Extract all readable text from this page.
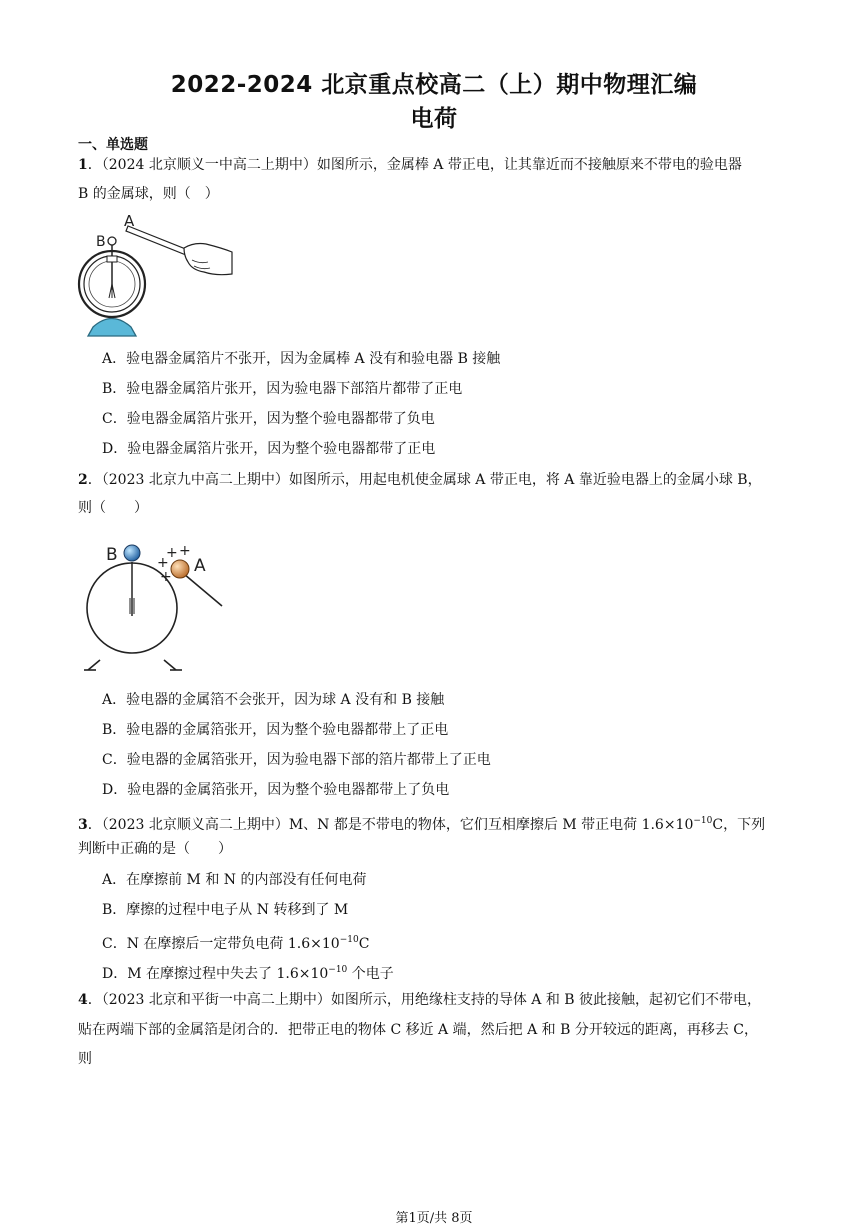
2022-2024 北京重点校高二（上）期中物理汇编
电荷
一、单选题
1．（2024 北京顺义一中高二上期中）如图所示，金属棒 A 带正电，让其靠近而不接触原来不带电的验电器
B 的金属球，则（　）
A
B
A．验电器金属箔片不张开，因为金属棒 A 没有和验电器 B 接触
B．验电器金属箔片张开，因为验电器下部箔片都带了正电
C．验电器金属箔片张开，因为整个验电器都带了负电
D．验电器金属箔片张开，因为整个验电器都带了正电
2．（2023 北京九中高二上期中）如图所示，用起电机使金属球 A 带正电，将 A 靠近验电器上的金属小球 B，
则（　　）
B
A
+ +
+
+
A．验电器的金属箔不会张开，因为球 A 没有和 B 接触
B．验电器的金属箔张开，因为整个验电器都带上了正电
C．验电器的金属箔张开，因为验电器下部的箔片都带上了正电
D．验电器的金属箔张开，因为整个验电器都带上了负电
3．（2023 北京顺义高二上期中）M、N 都是不带电的物体，它们互相摩擦后 M 带正电荷 $1.6\times 10^{-10}C$，下列
判断中正确的是（　　）
A．在摩擦前 M 和 N 的内部没有任何电荷
B．摩擦的过程中电子从 N 转移到了 M
C．N 在摩擦后一定带负电荷 $1.6\times 10^{-10}C$
D．M 在摩擦过程中失去了 $1.6\times 10^{-10}$ 个电子
4．（2023 北京和平街一中高二上期中）如图所示，用绝缘柱支持的导体 A 和 B 彼此接触，起初它们不带电，
贴在两端下部的金属箔是闭合的．把带正电的物体 C 移近 A 端，然后把 A 和 B 分开较远的距离，再移去 C，
则
第1页/共 8页
